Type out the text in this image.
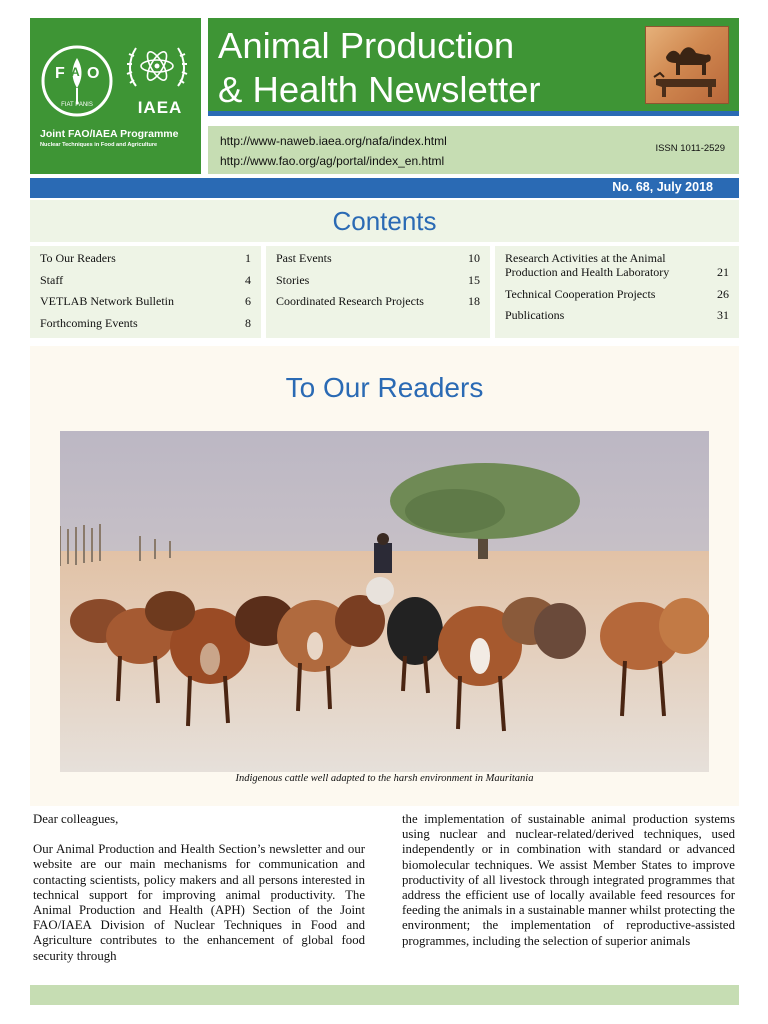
F A O
FIAT PANIS	IAEA
Joint FAO/IAEA Programme
Nuclear Techniques in Food and Agriculture
Animal Production
& Health Newsletter
http://www-naweb.iaea.org/nafa/index.html
http://www.fao.org/ag/portal/index_en.html
ISSN 1011-2529
No. 68, July 2018
Contents
To Our Readers	1
Staff	4
VETLAB Network Bulletin	6
Forthcoming Events	8
Past Events	10
Stories	15
Coordinated Research Projects	18
Research Activities at the Animal Production and Health Laboratory	21
Technical Cooperation Projects	26
Publications	31
To Our Readers
Indigenous cattle well adapted to the harsh environment in Mauritania

Dear colleagues,

Our Animal Production and Health Section’s newsletter and our website are our main mechanisms for communication and contacting scientists, policy makers and all persons interested in technical support for improving animal productivity. The Animal Production and Health (APH) Section of the Joint FAO/IAEA Division of Nuclear Techniques in Food and Agriculture contributes to the enhancement of global food security through

the implementation of sustainable animal production systems using nuclear and nuclear-related/derived techniques, used independently or in combination with standard or advanced biomolecular techniques. We assist Member States to improve productivity of all livestock through integrated programmes that address the efficient use of locally available feed resources for feeding the animals in a sustainable manner whilst protecting the environment; the implementation of reproductive-assisted programmes, including the selection of superior animals
